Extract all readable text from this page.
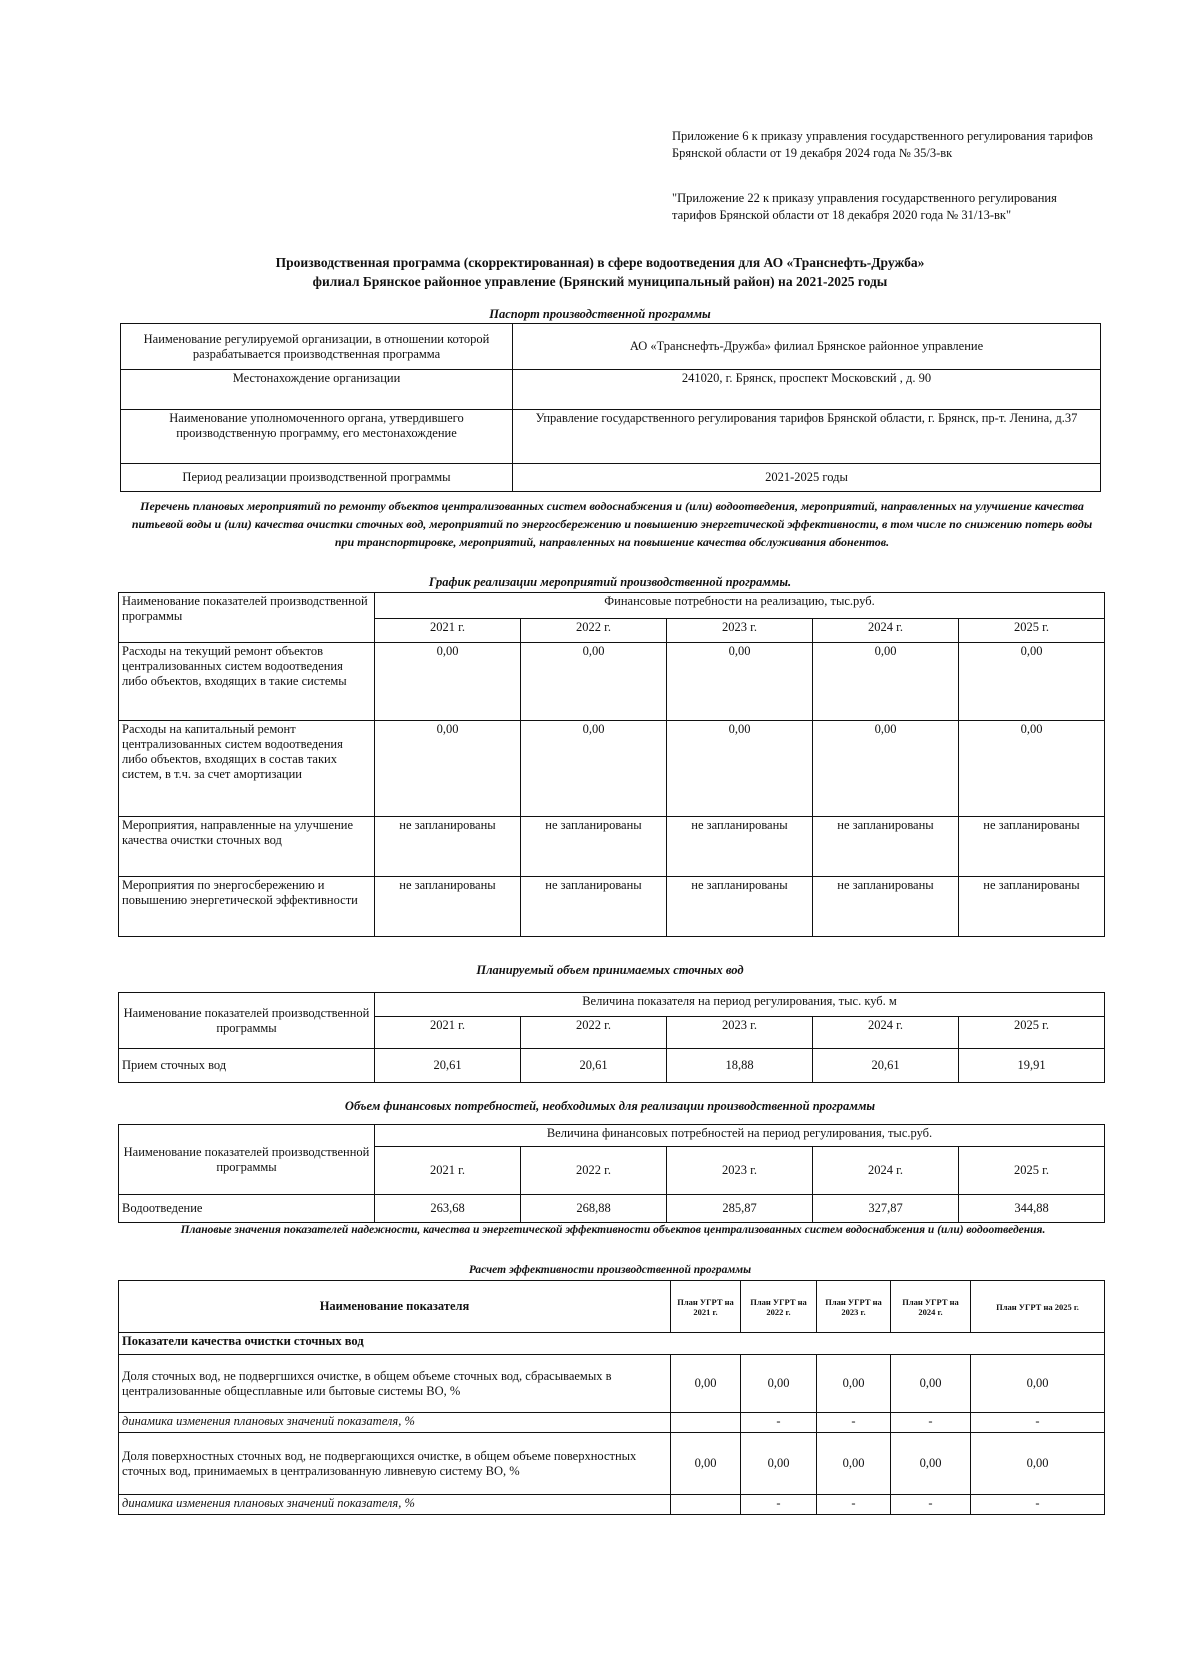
Приложение 6 к приказу управления государственного регулирования тарифов Брянской области от 19 декабря 2024 года № 35/3-вк
"Приложение 22 к приказу управления государственного регулирования тарифов Брянской области от 18 декабря 2020 года № 31/13-вк"
Производственная программа (скорректированная) в сфере водоотведения для АО «Транснефть-Дружба»
филиал Брянское районное управление (Брянский муниципальный район) на 2021-2025 годы
Паспорт производственной программы
Наименование регулируемой организации, в отношении которой разрабатывается производственная программа	АО «Транснефть-Дружба» филиал Брянское районное управление
Местонахождение организации	241020, г. Брянск, проспект Московский , д. 90
Наименование уполномоченного органа, утвердившего производственную программу, его местонахождение	Управление государственного регулирования тарифов Брянской области, г. Брянск, пр-т. Ленина, д.37
Период реализации производственной программы	2021-2025 годы
Перечень плановых мероприятий по ремонту объектов централизованных систем водоснабжения и (или) водоотведения, мероприятий, направленных на улучшение качества питьевой воды и (или) качества очистки сточных вод, мероприятий по энергосбережению и повышению энергетической эффективности, в том числе по снижению потерь воды при транспортировке, мероприятий, направленных на повышение качества обслуживания абонентов.
График реализации мероприятий производственной программы.
Наименование показателей производственной программы	Финансовые потребности на реализацию, тыс.руб.				
	2021 г.	2022 г.	2023 г.	2024 г.	2025 г.
Расходы на текущий ремонт объектов централизованных систем водоотведения либо объектов, входящих в такие системы	0,00	0,00	0,00	0,00	0,00
Расходы на капитальный ремонт централизованных систем водоотведения либо объектов, входящих в состав таких систем, в т.ч. за счет амортизации	0,00	0,00	0,00	0,00	0,00
Мероприятия, направленные на улучшение качества очистки сточных вод	не запланированы	не запланированы	не запланированы	не запланированы	не запланированы
Мероприятия по энергосбережению и повышению энергетической эффективности	не запланированы	не запланированы	не запланированы	не запланированы	не запланированы
Планируемый объем принимаемых сточных вод
Наименование показателей производственной программы	Величина показателя на период регулирования, тыс. куб. м				
	2021 г.	2022 г.	2023 г.	2024 г.	2025 г.
Прием сточных вод	20,61	20,61	18,88	20,61	19,91
Объем финансовых потребностей, необходимых для реализации производственной программы
Наименование показателей производственной программы	Величина финансовых потребностей на период регулирования, тыс.руб.				
	2021 г.	2022 г.	2023 г.	2024 г.	2025 г.
Водоотведение	263,68	268,88	285,87	327,87	344,88
Плановые значения показателей надежности, качества и энергетической эффективности объектов централизованных систем водоснабжения и (или) водоотведения.
Расчет эффективности производственной программы
Наименование показателя	План УГРТ на 2021 г.	План УГРТ на 2022 г.	План УГРТ на 2023 г.	План УГРТ на 2024 г.	План УГРТ на 2025 г.
Показатели качества очистки сточных вод					
Доля сточных вод, не подвергшихся очистке, в общем объеме сточных вод, сбрасываемых в централизованные общесплавные или бытовые системы ВО, %	0,00	0,00	0,00	0,00	0,00
динамика изменения плановых значений показателя, %		-	-	-	-
Доля поверхностных сточных вод, не подвергающихся очистке, в общем объеме поверхностных сточных вод, принимаемых в централизованную ливневую систему ВО, %	0,00	0,00	0,00	0,00	0,00
динамика изменения плановых значений показателя, %		-	-	-	-
